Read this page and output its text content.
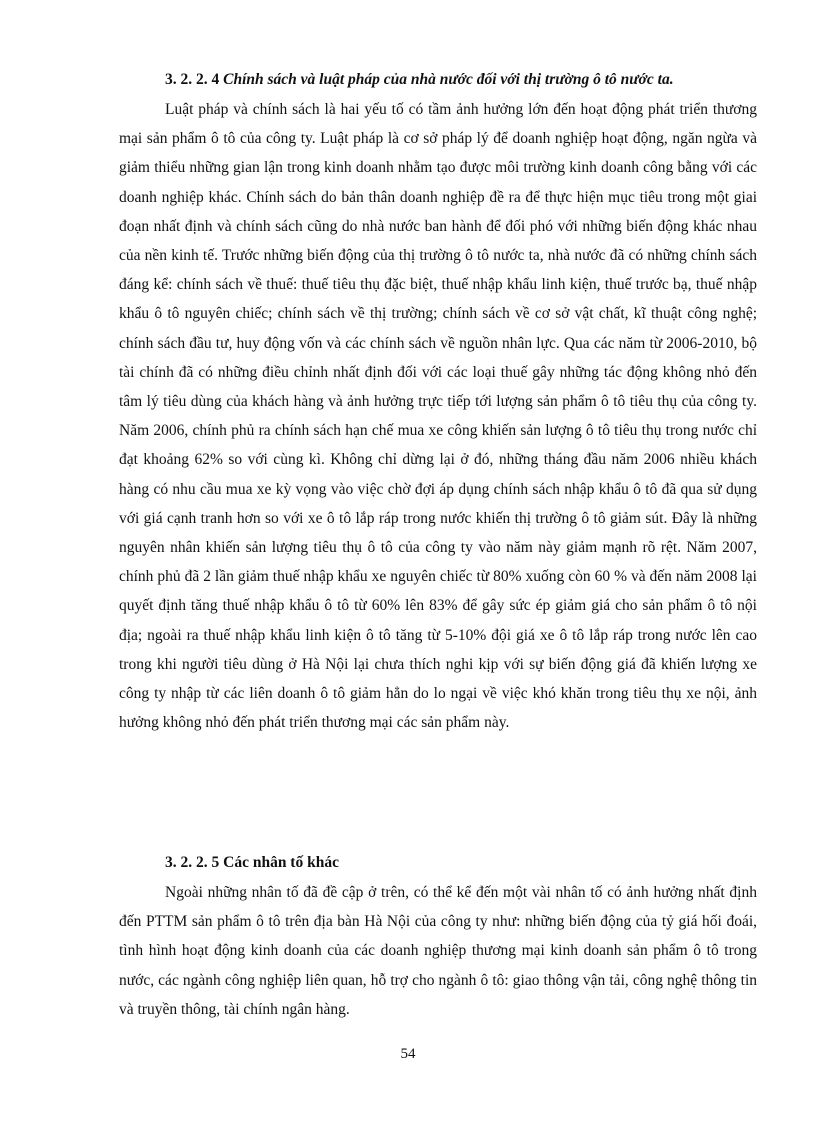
3. 2. 2. 4 Chính sách và luật pháp của nhà nước đối với thị trường ô tô nước ta.

Luật pháp và chính sách là hai yếu tố có tầm ảnh hưởng lớn đến hoạt động phát triển thương mại sản phẩm ô tô của công ty. Luật pháp là cơ sở pháp lý để doanh nghiệp hoạt động, ngăn ngừa và giảm thiểu những gian lận trong kinh doanh nhằm tạo được môi trường kinh doanh công bằng với các doanh nghiệp khác. Chính sách do bản thân doanh nghiệp đề ra để thực hiện mục tiêu trong một giai đoạn nhất định và chính sách cũng do nhà nước ban hành để đối phó với những biến động khác nhau của nền kinh tế. Trước những biến động của thị trường ô tô nước ta, nhà nước đã có những chính sách đáng kể: chính sách về thuế: thuế tiêu thụ đặc biệt, thuế nhập khẩu linh kiện, thuế trước bạ, thuế nhập khẩu ô tô nguyên chiếc; chính sách về thị trường; chính sách về cơ sở vật chất, kĩ thuật công nghệ; chính sách đầu tư, huy động vốn và các chính sách về nguồn nhân lực. Qua các năm từ 2006-2010, bộ tài chính đã có những điều chỉnh nhất định đối với các loại thuế gây những tác động không nhỏ đến tâm lý tiêu dùng của khách hàng và ảnh hưởng trực tiếp tới lượng sản phẩm ô tô tiêu thụ của công ty. Năm 2006, chính phủ ra chính sách hạn chế mua xe công khiến sản lượng ô tô tiêu thụ trong nước chỉ đạt khoảng 62% so với cùng kì. Không chỉ dừng lại ở đó, những tháng đầu năm 2006 nhiều khách hàng có nhu cầu mua xe kỳ vọng vào việc chờ đợi áp dụng chính sách nhập khẩu ô tô đã qua sử dụng với giá cạnh tranh hơn so với xe ô tô lắp ráp trong nước khiến thị trường ô tô giảm sút. Đây là những nguyên nhân khiến sản lượng tiêu thụ ô tô của công ty vào năm này giảm mạnh rõ rệt. Năm 2007, chính phủ đã 2 lần giảm thuế nhập khẩu xe nguyên chiếc từ 80% xuống còn 60 % và đến năm 2008 lại quyết định tăng thuế nhập khẩu ô tô từ 60% lên 83% để gây sức ép giảm giá cho sản phẩm ô tô nội địa; ngoài ra thuế nhập khẩu linh kiện ô tô tăng từ 5-10% đội giá xe ô tô lắp ráp trong nước lên cao trong khi người tiêu dùng ở Hà Nội lại chưa thích nghi kịp với sự biến động giá đã khiến lượng xe công ty nhập từ các liên doanh ô tô giảm hẳn do lo ngại về việc khó khăn trong tiêu thụ xe nội, ảnh hưởng không nhỏ đến phát triển thương mại các sản phẩm này.

3. 2. 2. 5 Các nhân tố khác

Ngoài những nhân tố đã đề cập ở trên, có thể kể đến một vài nhân tố có ảnh hưởng nhất định đến PTTM sản phẩm ô tô trên địa bàn Hà Nội của công ty như: những biến động của tỷ giá hối đoái, tình hình hoạt động kinh doanh của các doanh nghiệp thương mại kinh doanh sản phẩm ô tô trong nước, các ngành công nghiệp liên quan, hỗ trợ cho ngành ô tô: giao thông vận tải, công nghệ thông tin và truyền thông, tài chính ngân hàng.

54
